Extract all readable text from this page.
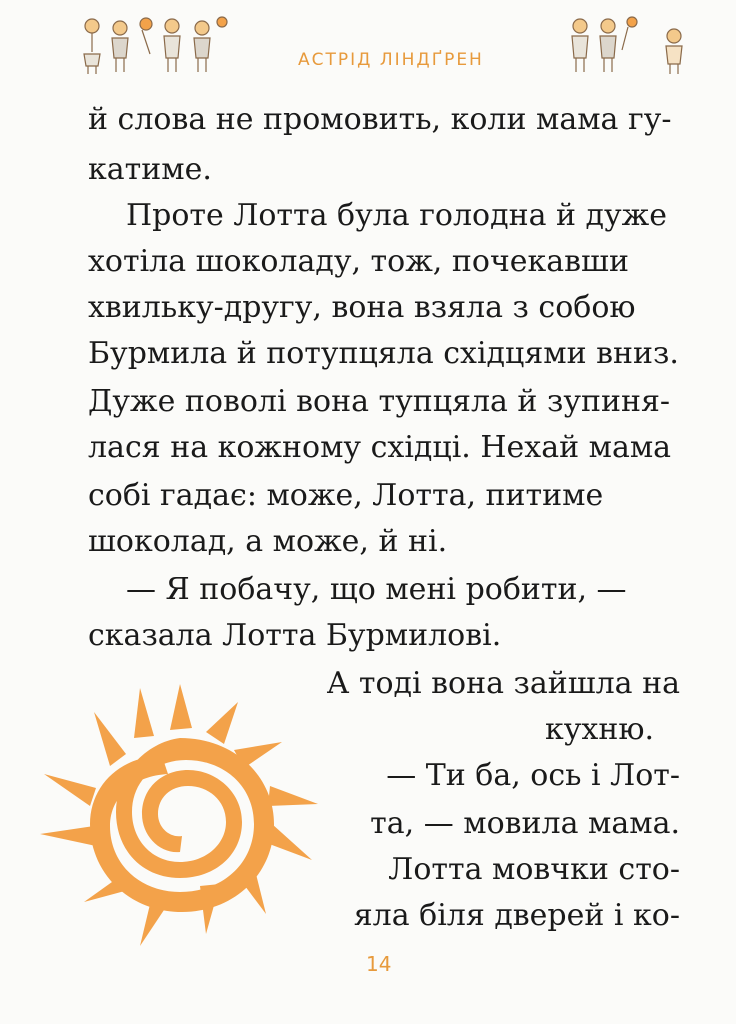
АСТРІД ЛІНДҐРЕН
й слова не промовить, коли мама гу-
катиме.
Проте Лотта була голодна й дуже
хотіла шоколаду, тож, почекавши
хвильку-другу, вона взяла з собою
Бурмила й потупцяла східцями вниз.
Дуже поволі вона тупцяла й зупиня-
лася на кожному східці. Нехай мама
собі гадає: може, Лотта, питиме
шоколад, а може, й ні.
— Я побачу, що мені робити, —
сказала Лотта Бурмилові.
А тоді вона зайшла на
кухню.
— Ти ба, ось і Лот-
та, — мовила мама.
Лотта мовчки сто-
яла біля дверей і ко-
14
